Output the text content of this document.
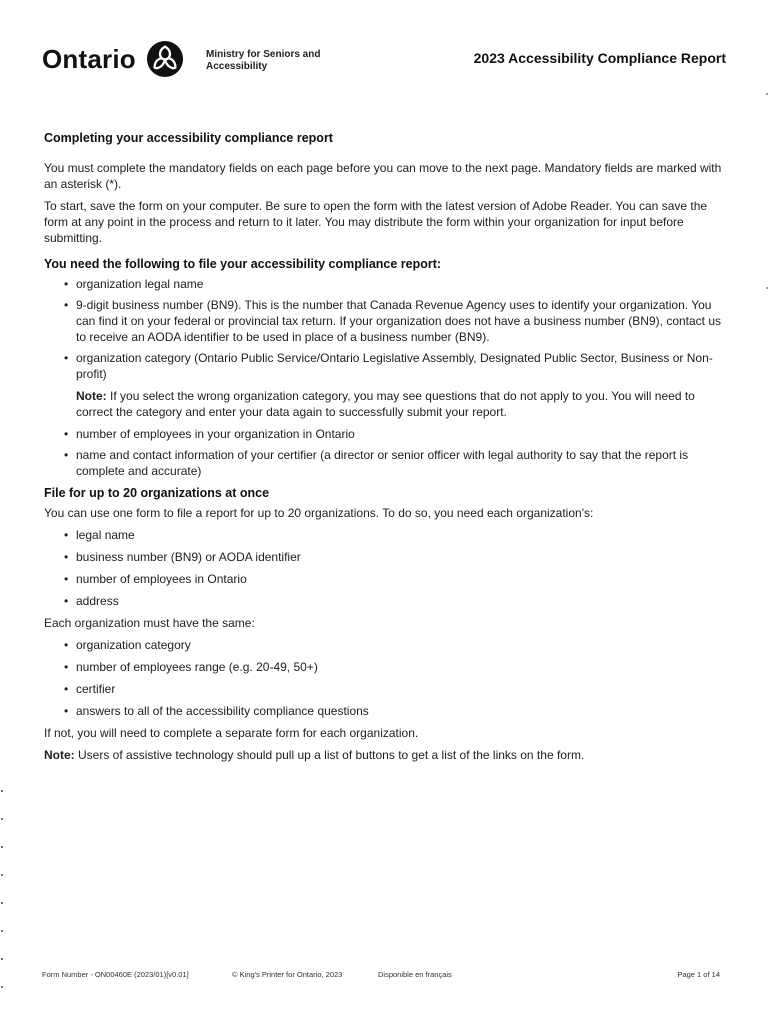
Ontario	Ministry for Seniors and
Accessibility
2023 Accessibility Compliance Report
Completing your accessibility compliance report

You must complete the mandatory fields on each page before you can move to the next page. Mandatory fields are marked with an asterisk (*).

To start, save the form on your computer. Be sure to open the form with the latest version of Adobe Reader. You can save the form at any point in the process and return to it later. You may distribute the form within your organization for input before submitting.

You need the following to file your accessibility compliance report:
• organization legal name
• 9-digit business number (BN9). This is the number that Canada Revenue Agency uses to identify your organization. You can find it on your federal or provincial tax return. If your organization does not have a business number (BN9), contact us to receive an AODA identifier to be used in place of a business number (BN9).
• organization category (Ontario Public Service/Ontario Legislative Assembly, Designated Public Sector, Business or Non-profit)
Note: If you select the wrong organization category, you may see questions that do not apply to you. You will need to correct the category and enter your data again to successfully submit your report.
• number of employees in your organization in Ontario
• name and contact information of your certifier (a director or senior officer with legal authority to say that the report is complete and accurate)
File for up to 20 organizations at once

You can use one form to file a report for up to 20 organizations. To do so, you need each organization's:

• legal name
• business number (BN9) or AODA identifier
• number of employees in Ontario
• address

Each organization must have the same:

• organization category
• number of employees range (e.g. 20-49, 50+)
• certifier
• answers to all of the accessibility compliance questions

If not, you will need to complete a separate form for each organization.

Note: Users of assistive technology should pull up a list of buttons to get a list of the links on the form.

Form Number - ON00460E (2023/01)[v0.01]	© King's Printer for Ontario, 2023	Disponible en français	Page 1 of 14
